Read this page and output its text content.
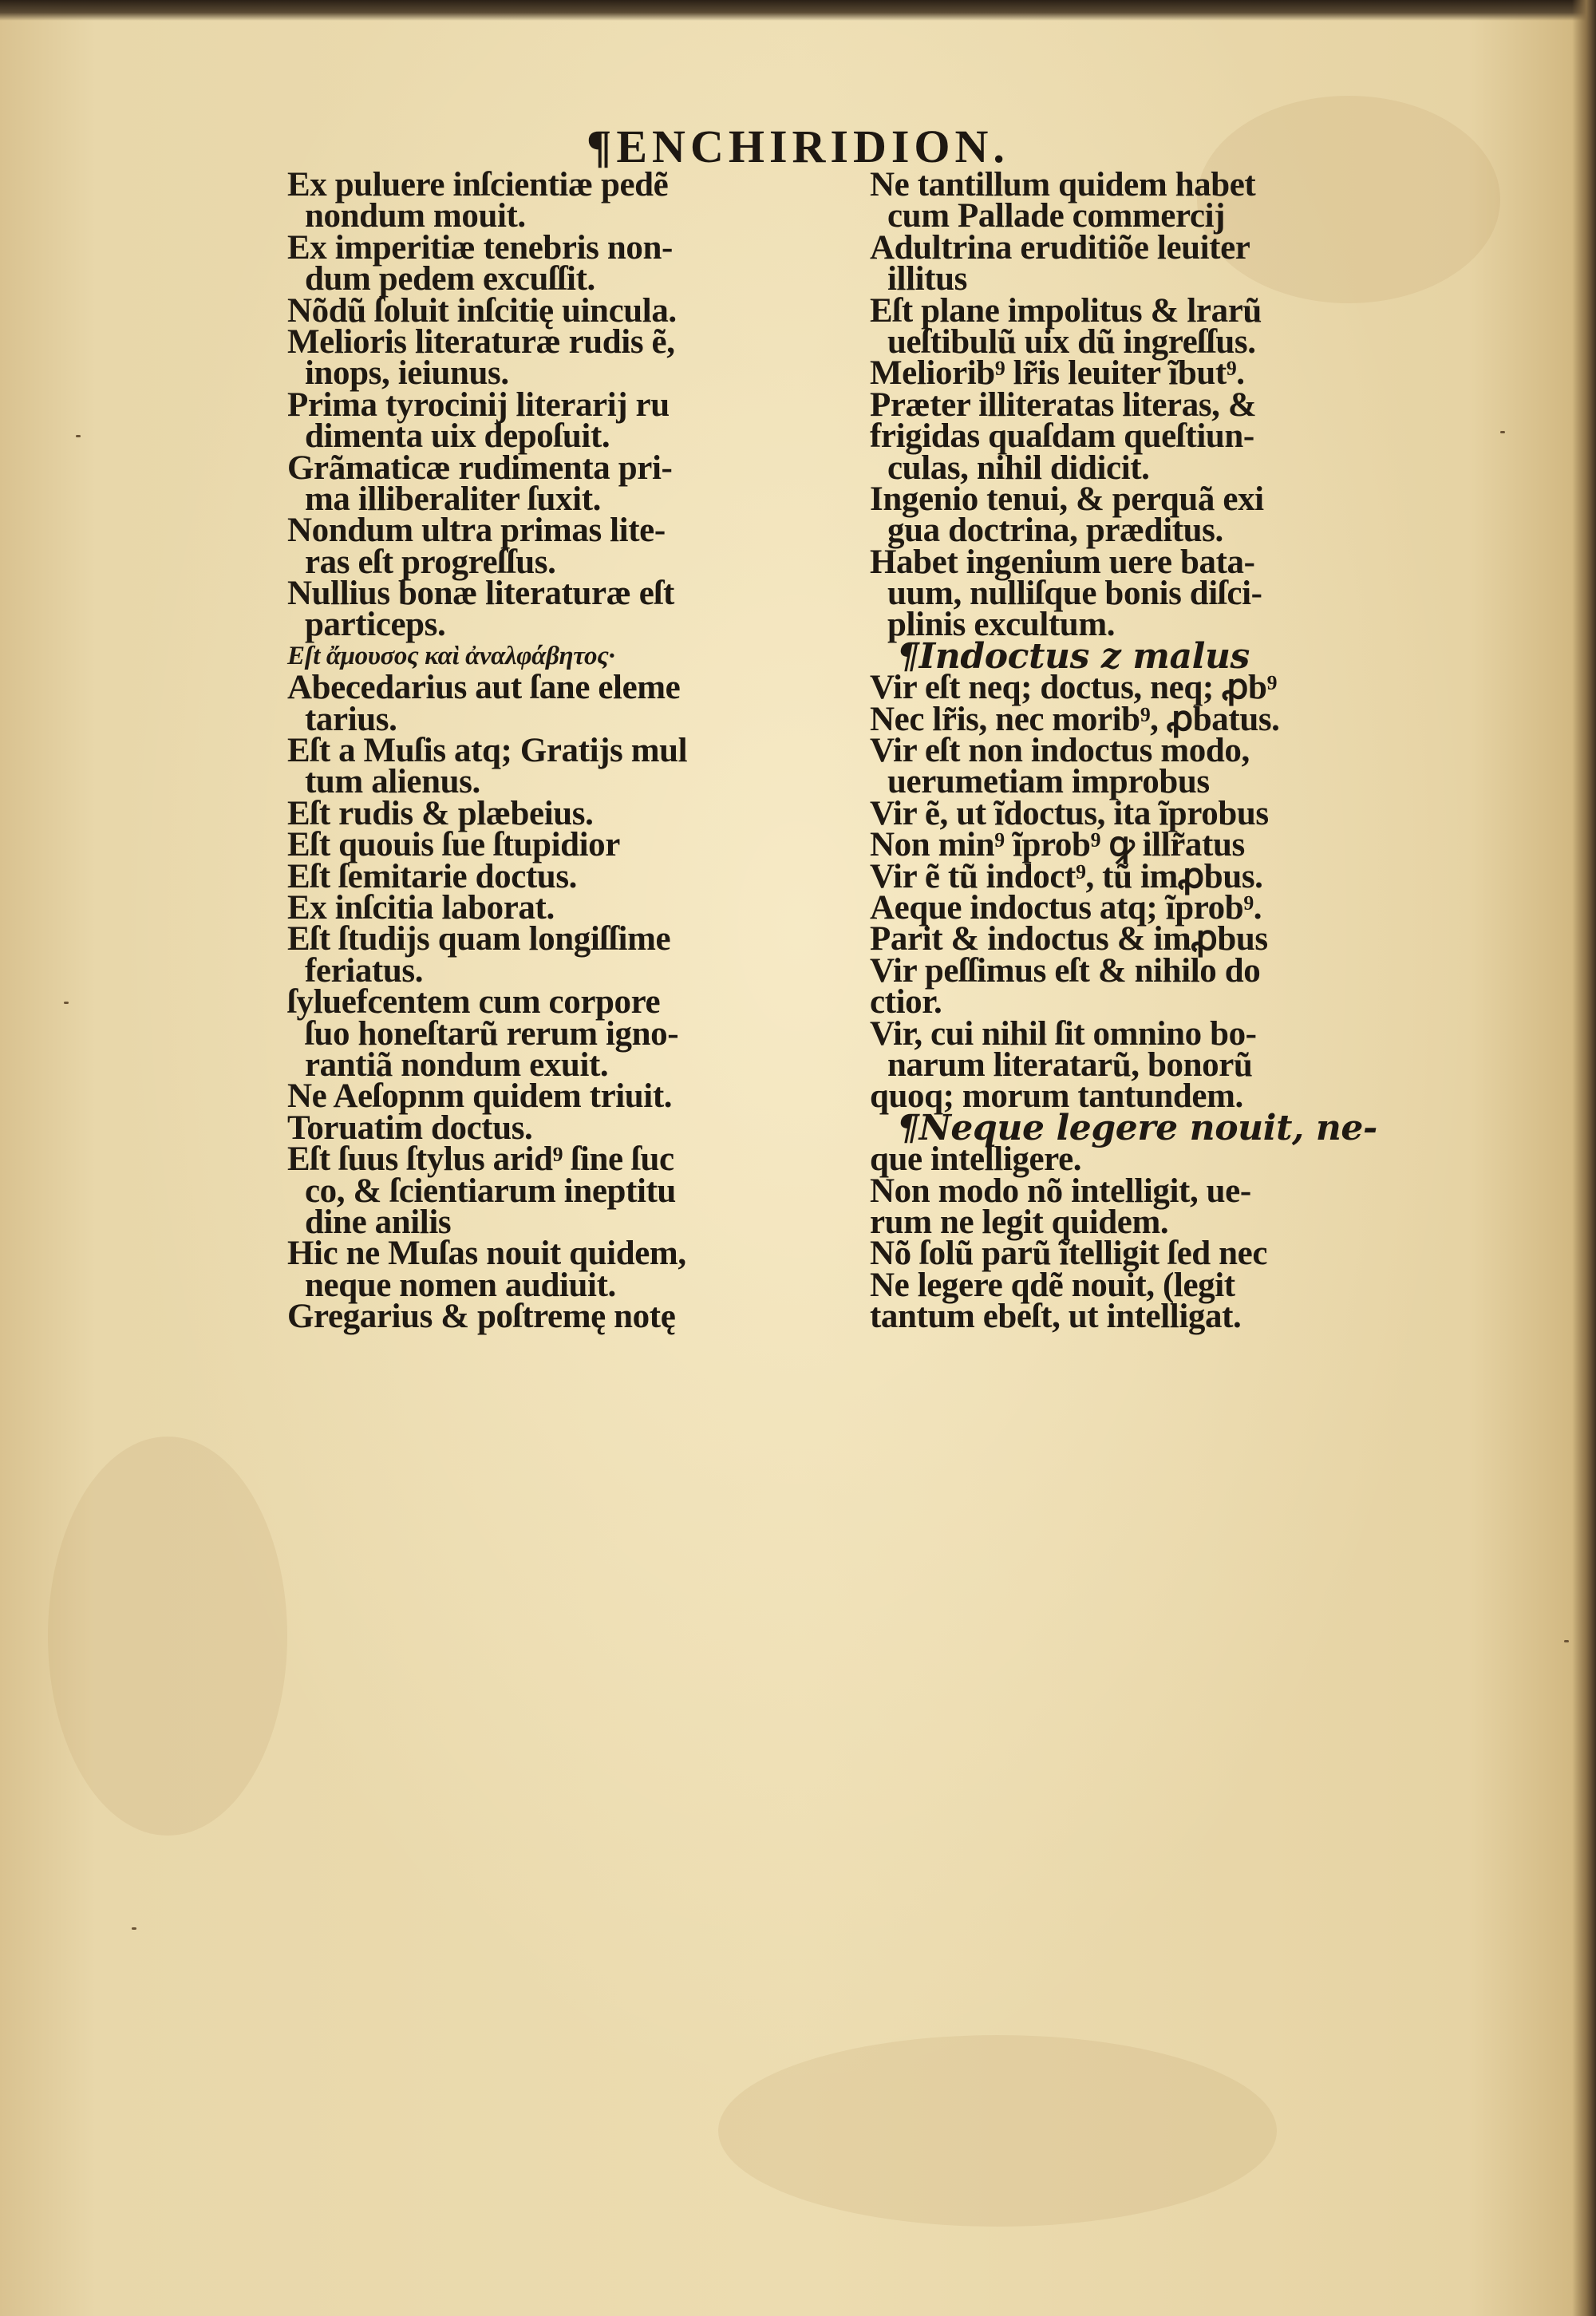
¶ENCHIRIDION.
Ex puluere inſcientiæ pedẽ
nondum mouit.
Ex imperitiæ tenebris non-
dum pedem excuſſit.
Nõdũ ſoluit inſcitię uincula.
Melioris literaturæ rudis ẽ,
inops, ieiunus.
Prima tyrocinij literarij ru
dimenta uix depoſuit.
Grãmaticæ rudimenta pri-
ma illiberaliter ſuxit.
Nondum ultra primas lite-
ras eſt progreſſus.
Nullius bonæ literaturæ eſt
particeps.
Eſt ἄμουσος καὶ ἀναλφάβητος·
Abecedarius aut ſane eleme
tarius.
Eſt a Muſis atq; Gratijs mul
tum alienus.
Eſt rudis & plæbeius.
Eſt quouis ſue ſtupidior
Eſt ſemitarie doctus.
Ex inſcitia laborat.
Eſt ſtudijs quam longiſſime
feriatus.
ſyluefcentem cum corpore
ſuo honeſtarũ rerum igno-
rantiã nondum exuit.
Ne Aeſopnm quidem triuit.
Toruatim doctus.
Eſt ſuus ſtylus arid⁹ ſine ſuc
co, & ſcientiarum ineptitu
dine anilis
Hic ne Muſas nouit quidem,
neque nomen audiuit.
Gregarius & poſtremę notę
Ne tantillum quidem habet
cum Pallade commercij
Adultrina eruditiõe leuiter
illitus
Eſt plane impolitus & lrarũ
ueſtibulũ uix dũ ingreſſus.
Meliorib⁹ lr̃is leuiter ĩbut⁹.
Præter illiteratas literas, &
frigidas quaſdam queſtiun-
culas, nihil didicit.
Ingenio tenui, & perquã exi
gua doctrina, præditus.
Habet ingenium uere bata-
uum, nulliſque bonis diſci-
plinis excultum.
¶Indoctus z malus
Vir eſt neq; doctus, neq; ꝓb⁹
Nec lr̃is, nec morib⁹, ꝓbatus.
Vir eſt non indoctus modo,
uerumetiam improbus
Vir ẽ, ut ĩdoctus, ita ĩprobus
Non min⁹ ĩprob⁹ ꝙ illr̃atus
Vir ẽ tũ indoct⁹, tũ imꝓbus.
Aeque indoctus atq; ĩprob⁹.
Parit & indoctus & imꝓbus
Vir peſſimus eſt & nihilo do
ctior.
Vir, cui nihil ſit omnino bo-
narum literatarũ, bonorũ
quoq; morum tantundem.
¶Neque legere nouit, ne-
que intelligere.
Non modo nõ intelligit, ue-
rum ne legit quidem.
Nõ ſolũ parũ ĩtelligit ſed nec
Ne legere qdẽ nouit, (legit
tantum ebeſt, ut intelligat.
